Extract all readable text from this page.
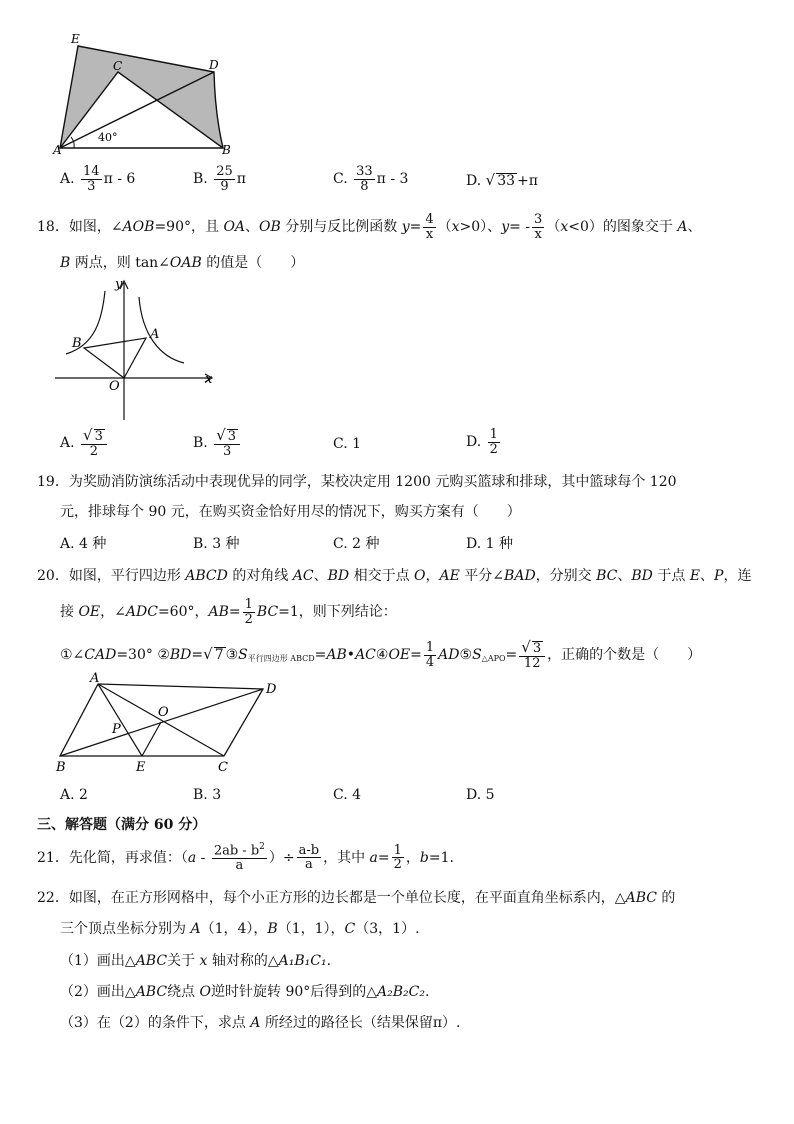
E
C	D
A	B
40°
A. $\frac{14}{3}$ π - 6	B. $\frac{25}{9}$ π	C. $\frac{33}{8}$ π - 3	D. √ 33 +π
18．如图，∠AOB=90°，且 OA、OB 分别与反比例函数 $y= \frac{4}{x} (x>0)$、$y= - \frac{3}{x} (x<0)$的图象交于 A、
B 两点，则 tan∠OAB 的值是（　　）
y
x
O
A
B
A. $\frac{√ 3}{2}$	B. $\frac{√ 3}{3}$	C. 1	D. $\frac{1}{2}$
19．为奖励消防演练活动中表现优异的同学，某校决定用 1200 元购买篮球和排球，其中篮球每个 120
元，排球每个 90 元，在购买资金恰好用尽的情况下，购买方案有（　　）
A. 4 种	B. 3 种	C. 2 种	D. 1 种
20．如图，平行四边形 ABCD 的对角线 AC、BD 相交于点 O，AE 平分∠BAD，分别交 BC、BD 于点 E、P，连
接 OE，∠ADC=60°，$AB= \frac{1}{2} BC=1$，则下列结论：
①∠CAD=30° ②BD=√ 7 $③S_{平行四边形 ABCD}=AB•AC④OE= \frac{1}{4}$ $AD⑤S_{\triangle APO}= \frac{√ 3}{12}$ ，正确的个数是（　　）
A
D
O
P
B	E	C
A. 2	B. 3	C. 4	D. 5
三、解答题（满分 60 分）
21．先化简，再求值：（$a - \frac{2ab - b^2}{a}$ ）÷ $\frac{a-b}{a}$ ，其中 $a= \frac{1}{2}$ ，b=1.
22．如图，在正方形网格中，每个小正方形的边长都是一个单位长度，在平面直角坐标系内，△ABC 的
三个顶点坐标分别为 A（1，4），B（1，1），C（3，1）.
（1）画出△ABC关于 x 轴对称的△A₁B₁C₁.
（2）画出△ABC绕点 O逆时针旋转 90°后得到的△A₂B₂C₂.
（3）在（2）的条件下，求点 A 所经过的路径长（结果保留π）.
